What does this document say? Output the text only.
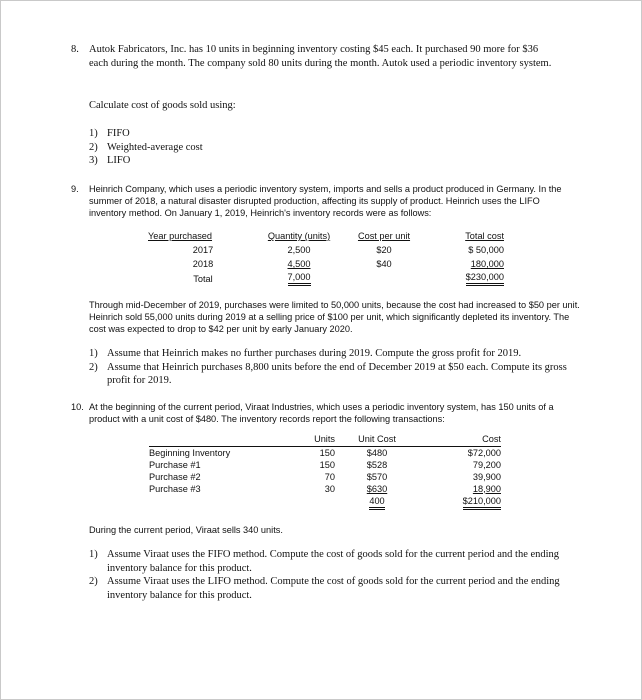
8. Autok Fabricators, Inc. has 10 units in beginning inventory costing $45 each. It purchased 90 more for $36 each during the month. The company sold 80 units during the month. Autok used a periodic inventory system.

Calculate cost of goods sold using:

1) FIFO
2) Weighted-average cost
3) LIFO
9. Heinrich Company, which uses a periodic inventory system, imports and sells a product produced in Germany. In the summer of 2018, a natural disaster disrupted production, affecting its supply of product. Heinrich uses the LIFO inventory method. On January 1, 2019, Heinrich's inventory records were as follows:

Year purchased	Quantity (units)	Cost per unit	Total cost
2017	2,500	$20	$ 50,000
2018	4,500	$40	180,000
Total	7,000		$230,000

Through mid-December of 2019, purchases were limited to 50,000 units, because the cost had increased to $50 per unit. Heinrich sold 55,000 units during 2019 at a selling price of $100 per unit, which significantly depleted its inventory. The cost was expected to drop to $42 per unit by early January 2020.

1) Assume that Heinrich makes no further purchases during 2019. Compute the gross profit for 2019.
2) Assume that Heinrich purchases 8,800 units before the end of December 2019 at $50 each. Compute its gross profit for 2019.
10. At the beginning of the current period, Viraat Industries, which uses a periodic inventory system, has 150 units of a product with a unit cost of $480. The inventory records report the following transactions:

	Units	Unit Cost	Cost
Beginning Inventory	150	$480	$72,000
Purchase #1	150	$528	79,200
Purchase #2	70	$570	39,900
Purchase #3	30	$630	18,900
		400	$210,000

During the current period, Viraat sells 340 units.

1) Assume Viraat uses the FIFO method. Compute the cost of goods sold for the current period and the ending inventory balance for this product.
2) Assume Viraat uses the LIFO method. Compute the cost of goods sold for the current period and the ending inventory balance for this product.
